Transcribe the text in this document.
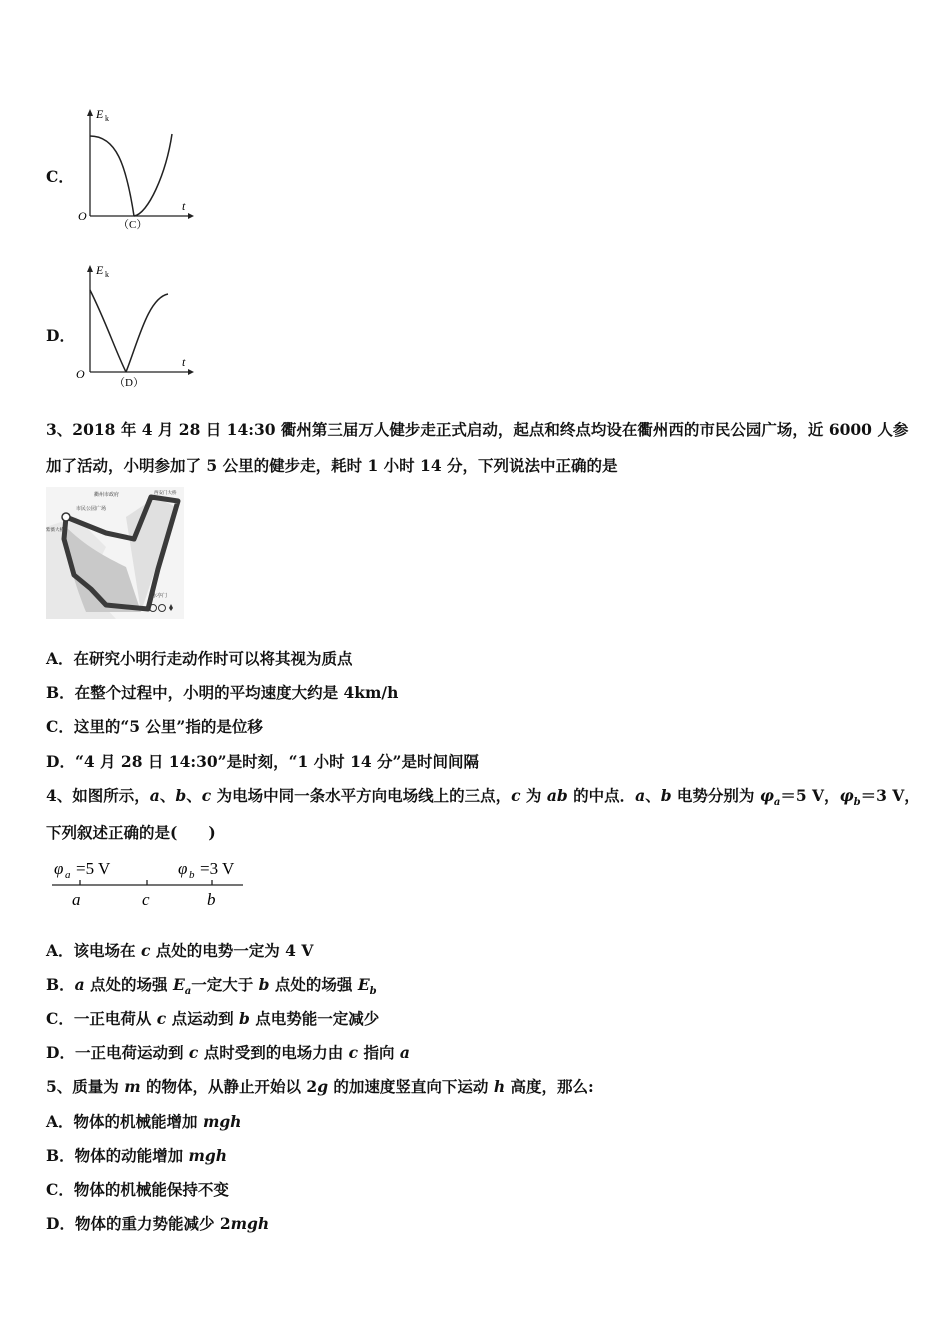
C．
E k
t
O
（C）
D．
E k
t
O
（D）
3、2018 年 4 月 28 日 14:30 衢州第三届万人健步走正式启动，起点和终点均设在衢州西的市民公园广场，近 6000 人参
加了活动，小明参加了 5 公里的健步走，耗时 1 小时 14 分，下列说法中正确的是
衢州市政府
市民公园广场
西安门大桥
紫薇大桥
水亭门
A．在研究小明行走动作时可以将其视为质点
B．在整个过程中，小明的平均速度大约是 4km/h
C．这里的“5 公里”指的是位移
D．“4 月 28 日 14:30”是时刻，“1 小时 14 分”是时间间隔
4、如图所示，a、b、c 为电场中同一条水平方向电场线上的三点，c 为 ab 的中点．a、b 电势分别为 $\varphi_a=5$ V，$\varphi_b=3$ V，
下列叙述正确的是(　　)
φ a =5 V	φ b =3 V
a	c	b
A．该电场在 c 点处的电势一定为 4 V
B．a 点处的场强 $E_a$一定大于 b 点处的场强 $E_b$
C．一正电荷从 c 点运动到 b 点电势能一定减少
D．一正电荷运动到 c 点时受到的电场力由 c 指向 a
5、质量为 m 的物体，从静止开始以 2g 的加速度竖直向下运动 h 高度，那么:
A．物体的机械能增加 mgh
B．物体的动能增加 mgh
C．物体的机械能保持不变
D．物体的重力势能减少 2mgh
